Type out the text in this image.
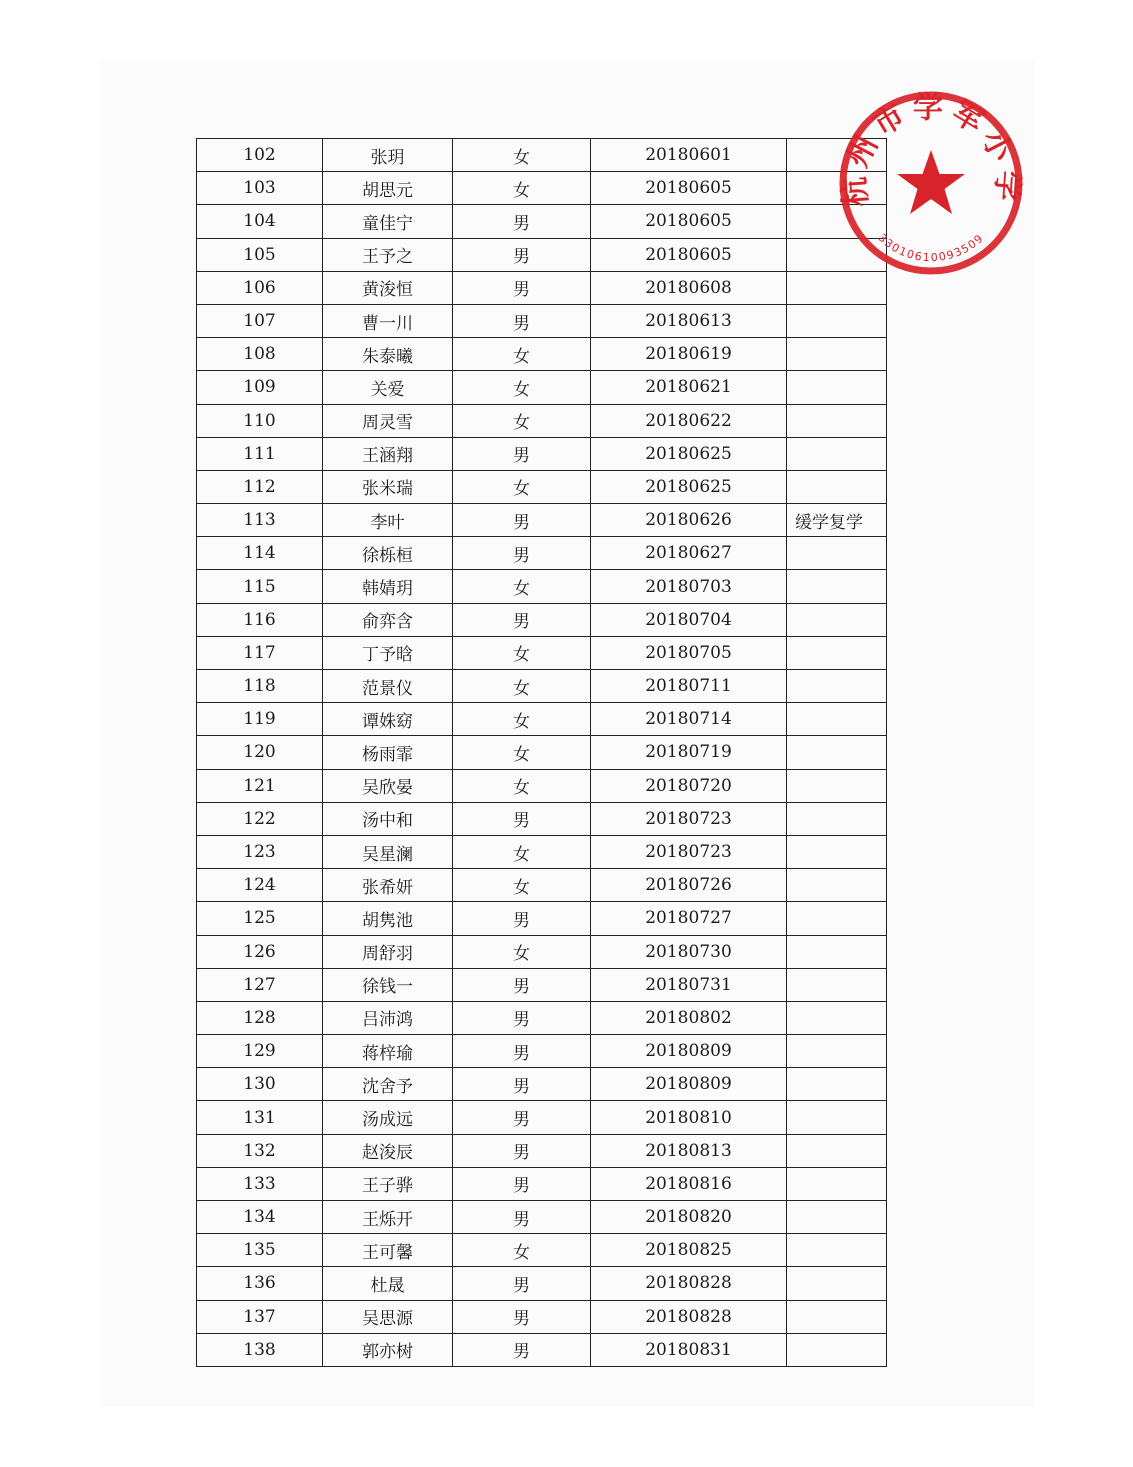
102	张玥	女	20180601	
103	胡思元	女	20180605	
104	童佳宁	男	20180605	
105	王予之	男	20180605	
106	黄浚恒	男	20180608	
107	曹一川	男	20180613	
108	朱泰曦	女	20180619	
109	关爱	女	20180621	
110	周灵雪	女	20180622	
111	王涵翔	男	20180625	
112	张米瑞	女	20180625	
113	李叶	男	20180626	缓学复学
114	徐栎桓	男	20180627	
115	韩婧玥	女	20180703	
116	俞弈含	男	20180704	
117	丁予晗	女	20180705	
118	范景仪	女	20180711	
119	谭姝窈	女	20180714	
120	杨雨霏	女	20180719	
121	吴欣晏	女	20180720	
122	汤中和	男	20180723	
123	吴星澜	女	20180723	
124	张希妍	女	20180726	
125	胡隽池	男	20180727	
126	周舒羽	女	20180730	
127	徐钱一	男	20180731	
128	吕沛鸿	男	20180802	
129	蒋梓瑜	男	20180809	
130	沈舍予	男	20180809	
131	汤成远	男	20180810	
132	赵浚辰	男	20180813	
133	王子骅	男	20180816	
134	王烁开	男	20180820	
135	王可馨	女	20180825	
136	杜晟	男	20180828	
137	吴思源	男	20180828	
138	郭亦树	男	20180831	
杭州市学军小学
3301061009350​9
